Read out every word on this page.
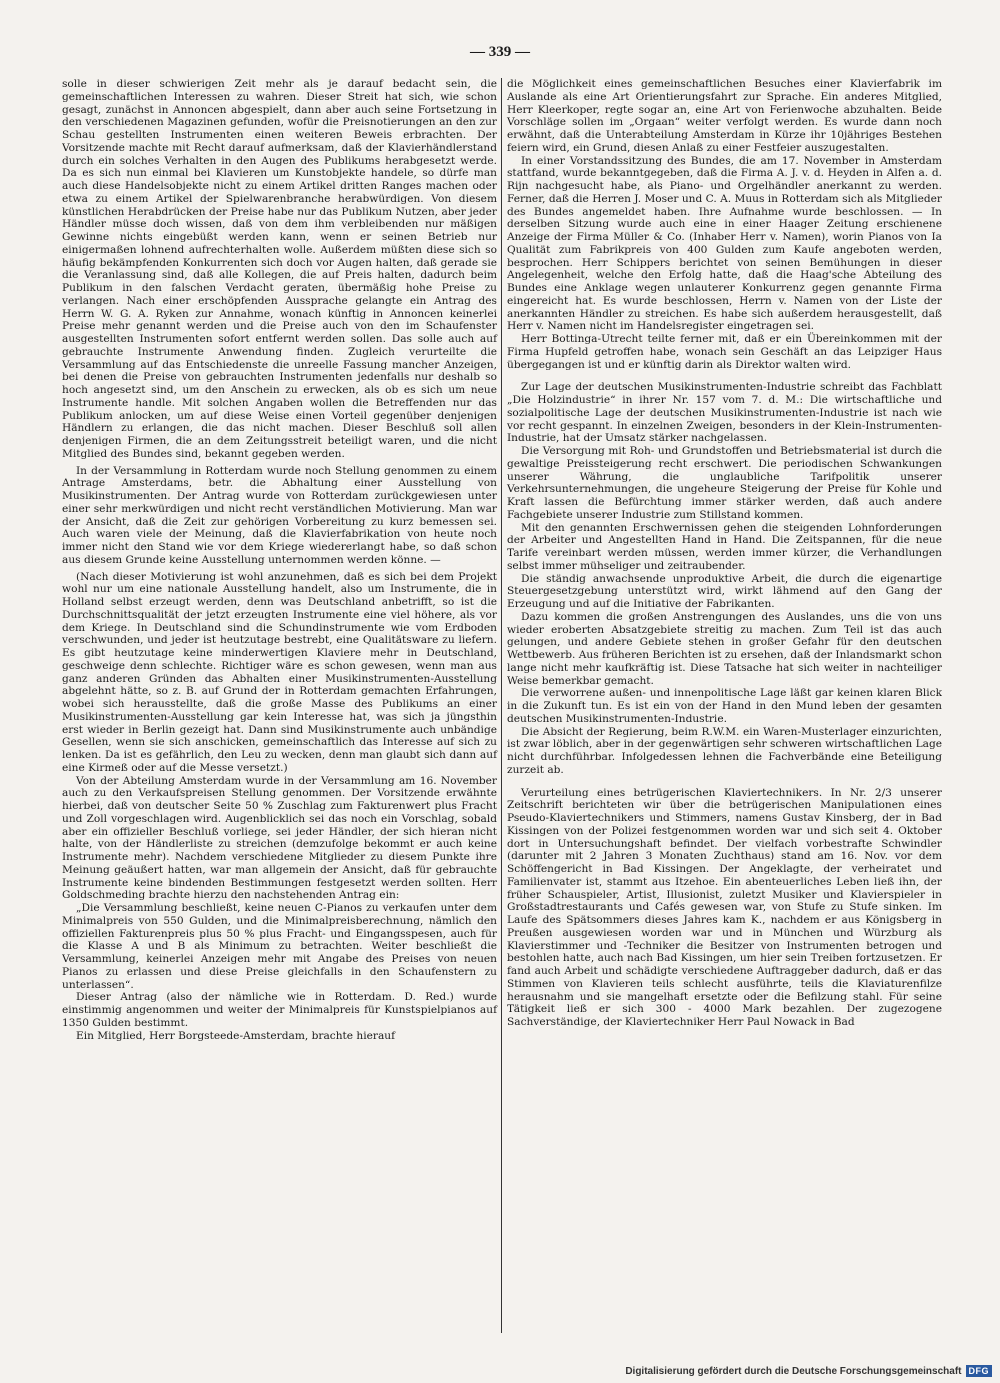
— 339 —

solle in dieser schwierigen Zeit mehr als je darauf bedacht sein, die gemeinschaftlichen Interessen zu wahren. Dieser Streit hat sich, wie schon gesagt, zunächst in Annoncen abgespielt, dann aber auch seine Fortsetzung in den verschiedenen Magazinen gefunden, wofür die Preisnotierungen an den zur Schau gestellten Instrumenten einen weiteren Beweis erbrachten. Der Vorsitzende machte mit Recht darauf aufmerksam, daß der Klavierhändlerstand durch ein solches Verhalten in den Augen des Publikums herabgesetzt werde. Da es sich nun einmal bei Klavieren um Kunstobjekte handele, so dürfe man auch diese Handelsobjekte nicht zu einem Artikel dritten Ranges machen oder etwa zu einem Artikel der Spielwarenbranche herabwürdigen. Von diesem künstlichen Herabdrücken der Preise habe nur das Publikum Nutzen, aber jeder Händler müsse doch wissen, daß von dem ihm verbleibenden nur mäßigen Gewinne nichts eingebüßt werden kann, wenn er seinen Betrieb nur einigermaßen lohnend aufrechterhalten wolle. Außerdem müßten diese sich so häufig bekämpfenden Konkurrenten sich doch vor Augen halten, daß gerade sie die Veranlassung sind, daß alle Kollegen, die auf Preis halten, dadurch beim Publikum in den falschen Verdacht geraten, übermäßig hohe Preise zu verlangen. Nach einer erschöpfenden Aussprache gelangte ein Antrag des Herrn W. G. A. Ryken zur Annahme, wonach künftig in Annoncen keinerlei Preise mehr genannt werden und die Preise auch von den im Schaufenster ausgestellten Instrumenten sofort entfernt werden sollen. Das solle auch auf gebrauchte Instrumente Anwendung finden. Zugleich verurteilte die Versammlung auf das Entschiedenste die unreelle Fassung mancher Anzeigen, bei denen die Preise von gebrauchten Instrumenten jedenfalls nur deshalb so hoch angesetzt sind, um den Anschein zu erwecken, als ob es sich um neue Instrumente handle. Mit solchen Angaben wollen die Betreffenden nur das Publikum anlocken, um auf diese Weise einen Vorteil gegenüber denjenigen Händlern zu erlangen, die das nicht machen. Dieser Beschluß soll allen denjenigen Firmen, die an dem Zeitungsstreit beteiligt waren, und die nicht Mitglied des Bundes sind, bekannt gegeben werden.

In der Versammlung in Rotterdam wurde noch Stellung genommen zu einem Antrage Amsterdams, betr. die Abhaltung einer Ausstellung von Musikinstrumenten. Der Antrag wurde von Rotterdam zurückgewiesen unter einer sehr merkwürdigen und nicht recht verständlichen Motivierung. Man war der Ansicht, daß die Zeit zur gehörigen Vorbereitung zu kurz bemessen sei. Auch waren viele der Meinung, daß die Klavierfabrikation von heute noch immer nicht den Stand wie vor dem Kriege wiedererlangt habe, so daß schon aus diesem Grunde keine Ausstellung unternommen werden könne. —

(Nach dieser Motivierung ist wohl anzunehmen, daß es sich bei dem Projekt wohl nur um eine nationale Ausstellung handelt, also um Instrumente, die in Holland selbst erzeugt werden, denn was Deutschland anbetrifft, so ist die Durchschnittsqualität der jetzt erzeugten Instrumente eine viel höhere, als vor dem Kriege. In Deutschland sind die Schundinstrumente wie vom Erdboden verschwunden, und jeder ist heutzutage bestrebt, eine Qualitätsware zu liefern. Es gibt heutzutage keine minderwertigen Klaviere mehr in Deutschland, geschweige denn schlechte. Richtiger wäre es schon gewesen, wenn man aus ganz anderen Gründen das Abhalten einer Musikinstrumenten-Ausstellung abgelehnt hätte, so z. B. auf Grund der in Rotterdam gemachten Erfahrungen, wobei sich herausstellte, daß die große Masse des Publikums an einer Musikinstrumenten-Ausstellung gar kein Interesse hat, was sich ja jüngsthin erst wieder in Berlin gezeigt hat. Dann sind Musikinstrumente auch unbändige Gesellen, wenn sie sich anschicken, gemeinschaftlich das Interesse auf sich zu lenken. Da ist es gefährlich, den Leu zu wecken, denn man glaubt sich dann auf eine Kirmeß oder auf die Messe versetzt.)

Von der Abteilung Amsterdam wurde in der Versammlung am 16. November auch zu den Verkaufspreisen Stellung genommen. Der Vorsitzende erwähnte hierbei, daß von deutscher Seite 50 % Zuschlag zum Fakturenwert plus Fracht und Zoll vorgeschlagen wird. Augenblicklich sei das noch ein Vorschlag, sobald aber ein offizieller Beschluß vorliege, sei jeder Händler, der sich hieran nicht halte, von der Händlerliste zu streichen (demzufolge bekommt er auch keine Instrumente mehr). Nachdem verschiedene Mitglieder zu diesem Punkte ihre Meinung geäußert hatten, war man allgemein der Ansicht, daß für gebrauchte Instrumente keine bindenden Bestimmungen festgesetzt werden sollten. Herr Goldschmeding brachte hierzu den nachstehenden Antrag ein:

„Die Versammlung beschließt, keine neuen C-Pianos zu verkaufen unter dem Minimalpreis von 550 Gulden, und die Minimalpreisberechnung, nämlich den offiziellen Fakturenpreis plus 50 % plus Fracht- und Eingangsspesen, auch für die Klasse A und B als Minimum zu betrachten. Weiter beschließt die Versammlung, keinerlei Anzeigen mehr mit Angabe des Preises von neuen Pianos zu erlassen und diese Preise gleichfalls in den Schaufenstern zu unterlassen“.

Dieser Antrag (also der nämliche wie in Rotterdam. D. Red.) wurde einstimmig angenommen und weiter der Minimalpreis für Kunstspielpianos auf 1350 Gulden bestimmt.

Ein Mitglied, Herr Borgsteede-Amsterdam, brachte hierauf

die Möglichkeit eines gemeinschaftlichen Besuches einer Klavierfabrik im Auslande als eine Art Orientierungsfahrt zur Sprache. Ein anderes Mitglied, Herr Kleerkoper, regte sogar an, eine Art von Ferienwoche abzuhalten. Beide Vorschläge sollen im „Orgaan“ weiter verfolgt werden. Es wurde dann noch erwähnt, daß die Unterabteilung Amsterdam in Kürze ihr 10jähriges Bestehen feiern wird, ein Grund, diesen Anlaß zu einer Festfeier auszugestalten.

In einer Vorstandssitzung des Bundes, die am 17. November in Amsterdam stattfand, wurde bekanntgegeben, daß die Firma A. J. v. d. Heyden in Alfen a. d. Rijn nachgesucht habe, als Piano- und Orgelhändler anerkannt zu werden. Ferner, daß die Herren J. Moser und C. A. Muus in Rotterdam sich als Mitglieder des Bundes angemeldet haben. Ihre Aufnahme wurde beschlossen. — In derselben Sitzung wurde auch eine in einer Haager Zeitung erschienene Anzeige der Firma Müller & Co. (Inhaber Herr v. Namen), worin Pianos von Ia Qualität zum Fabrikpreis von 400 Gulden zum Kaufe angeboten werden, besprochen. Herr Schippers berichtet von seinen Bemühungen in dieser Angelegenheit, welche den Erfolg hatte, daß die Haag'sche Abteilung des Bundes eine Anklage wegen unlauterer Konkurrenz gegen genannte Firma eingereicht hat. Es wurde beschlossen, Herrn v. Namen von der Liste der anerkannten Händler zu streichen. Es habe sich außerdem herausgestellt, daß Herr v. Namen nicht im Handelsregister eingetragen sei.

Herr Bottinga-Utrecht teilte ferner mit, daß er ein Übereinkommen mit der Firma Hupfeld getroffen habe, wonach sein Geschäft an das Leipziger Haus übergegangen ist und er künftig darin als Direktor walten wird.

Zur Lage der deutschen Musikinstrumenten-Industrie schreibt das Fachblatt „Die Holzindustrie“ in ihrer Nr. 157 vom 7. d. M.: Die wirtschaftliche und sozialpolitische Lage der deutschen Musikinstrumenten-Industrie ist nach wie vor recht gespannt. In einzelnen Zweigen, besonders in der Klein-Instrumenten-Industrie, hat der Umsatz stärker nachgelassen.

Die Versorgung mit Roh- und Grundstoffen und Betriebsmaterial ist durch die gewaltige Preissteigerung recht erschwert. Die periodischen Schwankungen unserer Währung, die unglaubliche Tarifpolitik unserer Verkehrsunternehmungen, die ungeheure Steigerung der Preise für Kohle und Kraft lassen die Befürchtung immer stärker werden, daß auch andere Fachgebiete unserer Industrie zum Stillstand kommen.

Mit den genannten Erschwernissen gehen die steigenden Lohnforderungen der Arbeiter und Angestellten Hand in Hand. Die Zeitspannen, für die neue Tarife vereinbart werden müssen, werden immer kürzer, die Verhandlungen selbst immer mühseliger und zeitraubender.

Die ständig anwachsende unproduktive Arbeit, die durch die eigenartige Steuergesetzgebung unterstützt wird, wirkt lähmend auf den Gang der Erzeugung und auf die Initiative der Fabrikanten.

Dazu kommen die großen Anstrengungen des Auslandes, uns die von uns wieder eroberten Absatzgebiete streitig zu machen. Zum Teil ist das auch gelungen, und andere Gebiete stehen in großer Gefahr für den deutschen Wettbewerb. Aus früheren Berichten ist zu ersehen, daß der Inlandsmarkt schon lange nicht mehr kaufkräftig ist. Diese Tatsache hat sich weiter in nachteiliger Weise bemerkbar gemacht.

Die verworrene außen- und innenpolitische Lage läßt gar keinen klaren Blick in die Zukunft tun. Es ist ein von der Hand in den Mund leben der gesamten deutschen Musikinstrumenten-Industrie.

Die Absicht der Regierung, beim R.W.M. ein Waren-Musterlager einzurichten, ist zwar löblich, aber in der gegenwärtigen sehr schweren wirtschaftlichen Lage nicht durchführbar. Infolgedessen lehnen die Fachverbände eine Beteiligung zurzeit ab.

Verurteilung eines betrügerischen Klaviertechnikers. In Nr. 2/3 unserer Zeitschrift berichteten wir über die betrügerischen Manipulationen eines Pseudo-Klaviertechnikers und Stimmers, namens Gustav Kinsberg, der in Bad Kissingen von der Polizei festgenommen worden war und sich seit 4. Oktober dort in Untersuchungshaft befindet. Der vielfach vorbestrafte Schwindler (darunter mit 2 Jahren 3 Monaten Zuchthaus) stand am 16. Nov. vor dem Schöffengericht in Bad Kissingen. Der Angeklagte, der verheiratet und Familienvater ist, stammt aus Itzehoe. Ein abenteuerliches Leben ließ ihn, der früher Schauspieler, Artist, Illusionist, zuletzt Musiker und Klavierspieler in Großstadtrestaurants und Cafés gewesen war, von Stufe zu Stufe sinken. Im Laufe des Spätsommers dieses Jahres kam K., nachdem er aus Königsberg in Preußen ausgewiesen worden war und in München und Würzburg als Klavierstimmer und -Techniker die Besitzer von Instrumenten betrogen und bestohlen hatte, auch nach Bad Kissingen, um hier sein Treiben fortzusetzen. Er fand auch Arbeit und schädigte verschiedene Auftraggeber dadurch, daß er das Stimmen von Klavieren teils schlecht ausführte, teils die Klaviaturenfilze herausnahm und sie mangelhaft ersetzte oder die Befilzung stahl. Für seine Tätigkeit ließ er sich 300 - 4000 Mark bezahlen. Der zugezogene Sachverständige, der Klaviertechniker Herr Paul Nowack in Bad

Digitalisierung gefördert durch die Deutsche Forschungsgemeinschaft DFG
